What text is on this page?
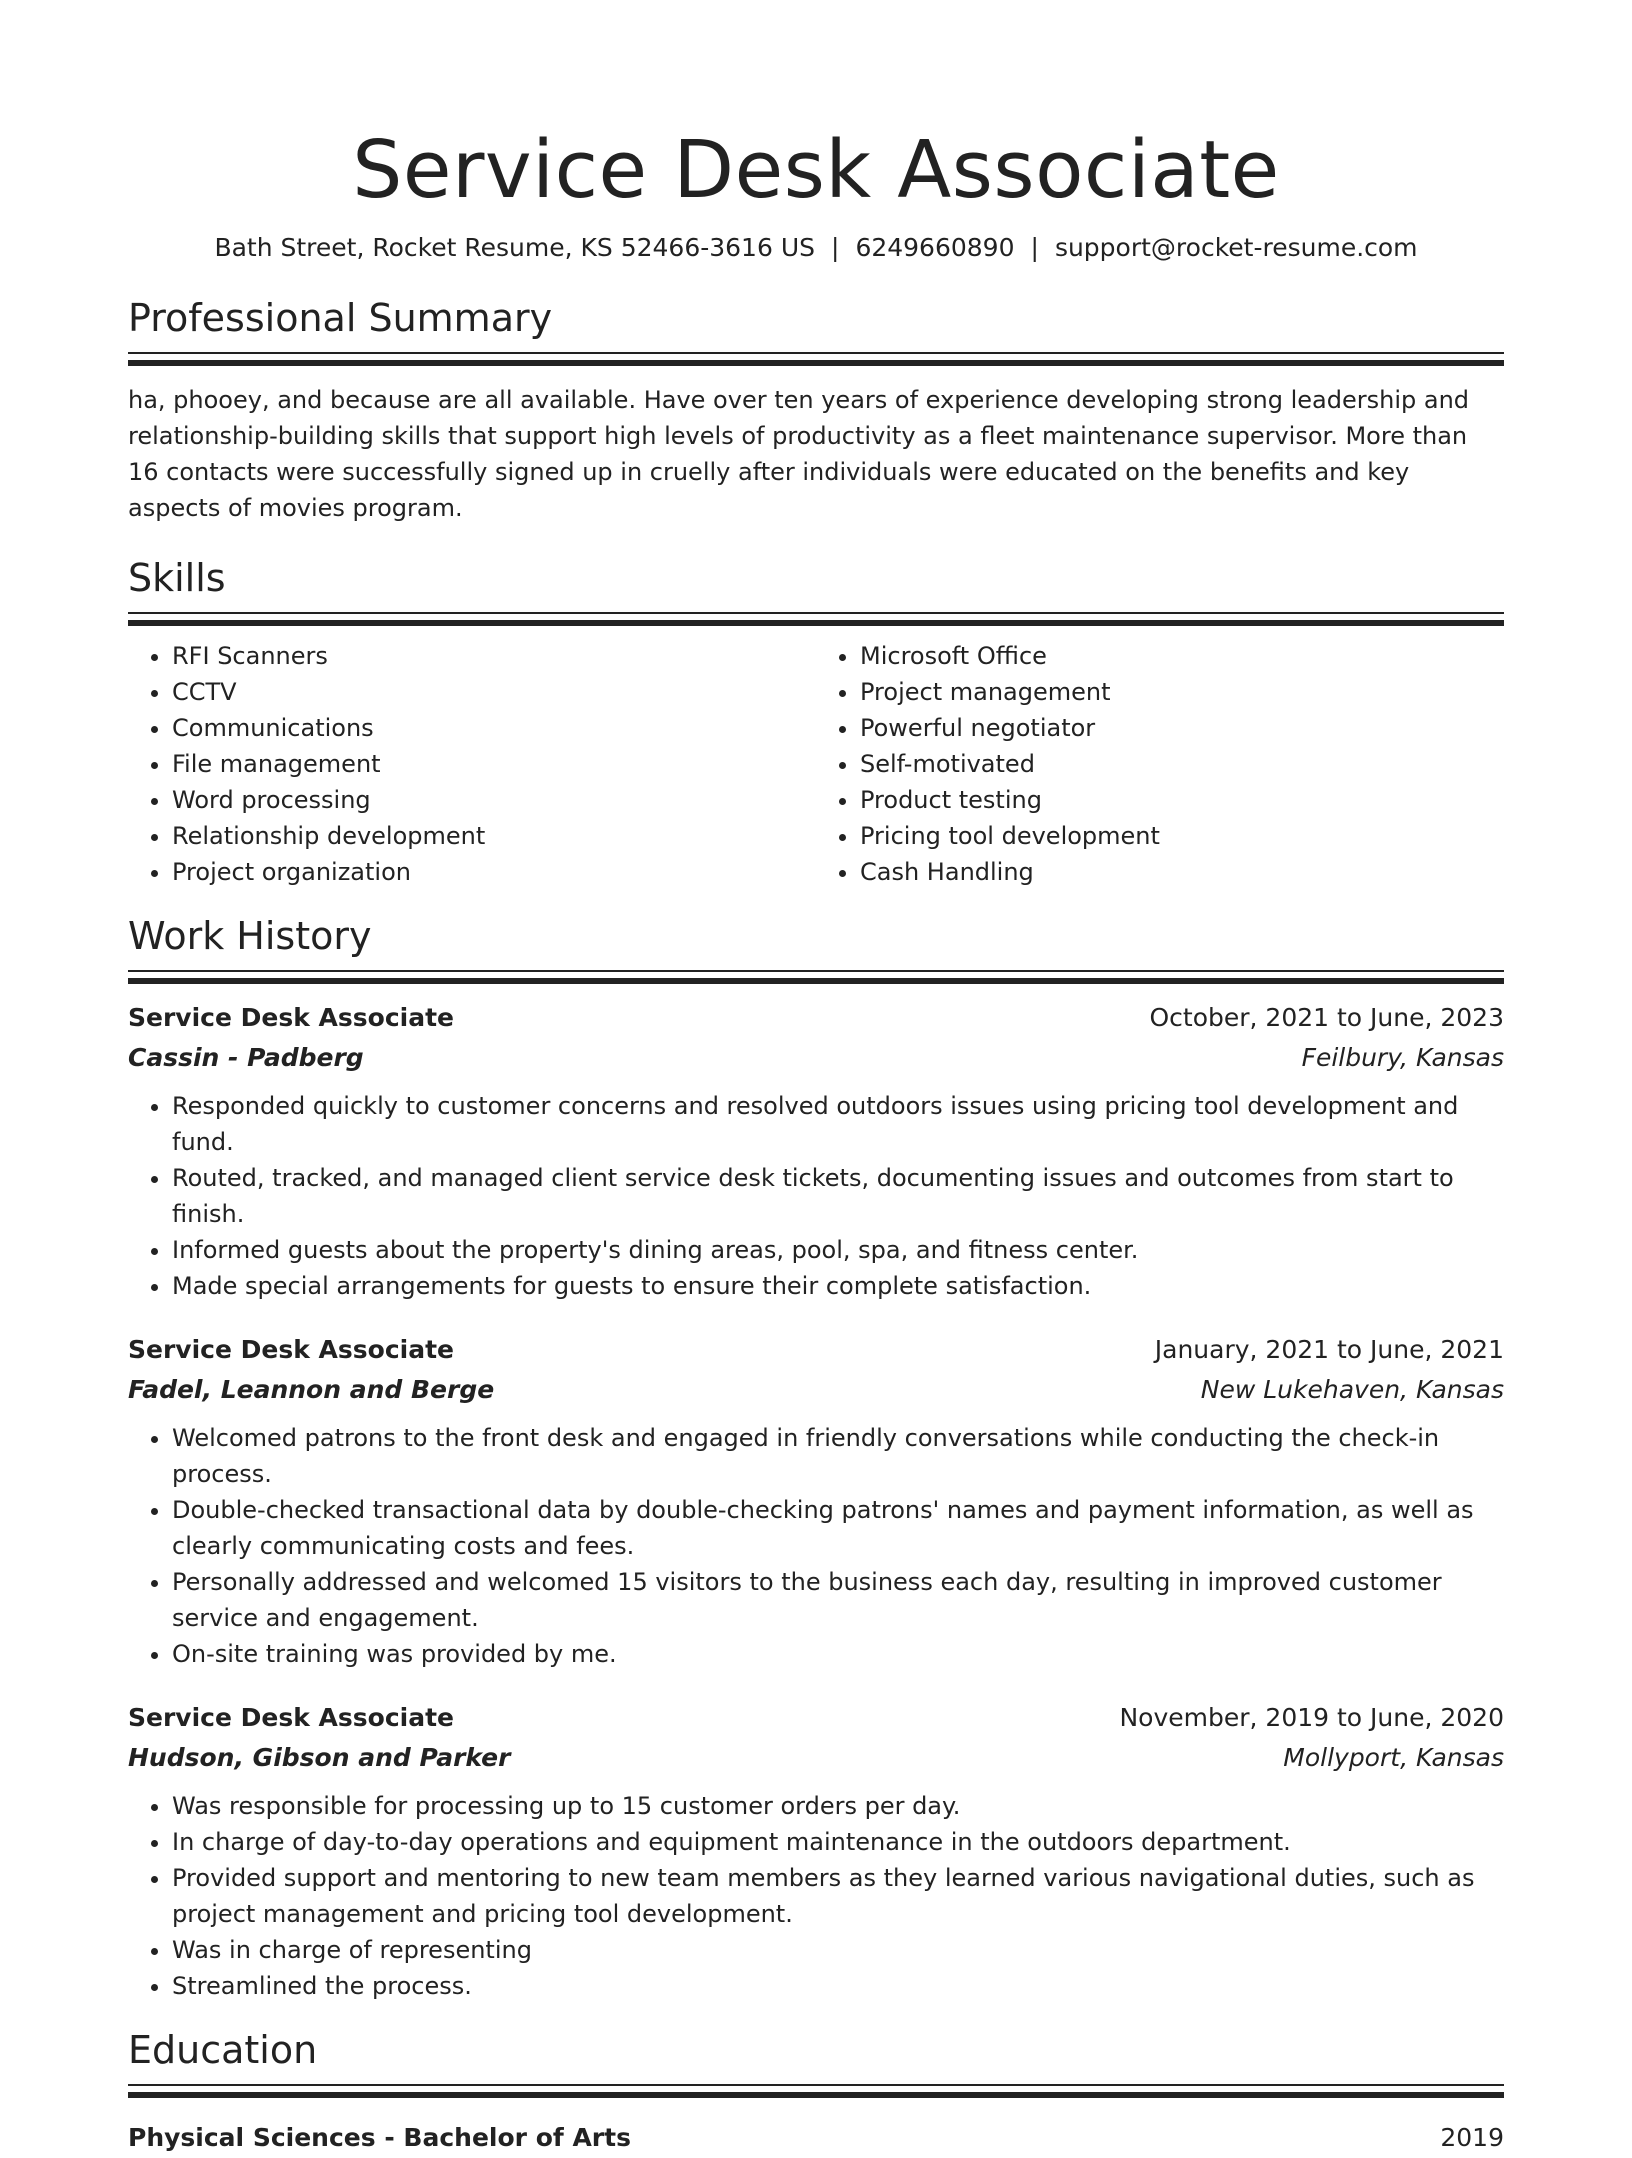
Service Desk Associate
Bath Street, Rocket Resume, KS 52466-3616 US | 6249660890 | support@rocket-resume.com
Professional Summary
ha, phooey, and because are all available. Have over ten years of experience developing strong leadership and relationship-building skills that support high levels of productivity as a fleet maintenance supervisor. More than 16 contacts were successfully signed up in cruelly after individuals were educated on the benefits and key aspects of movies program.
Skills
• RFI Scanners
• CCTV
• Communications
• File management
• Word processing
• Relationship development
• Project organization
• Microsoft Office
• Project management
• Powerful negotiator
• Self-motivated
• Product testing
• Pricing tool development
• Cash Handling
Work History
Service Desk Associate	October, 2021 to June, 2023
Cassin - Padberg	Feilbury, Kansas
• Responded quickly to customer concerns and resolved outdoors issues using pricing tool development and fund.
• Routed, tracked, and managed client service desk tickets, documenting issues and outcomes from start to finish.
• Informed guests about the property's dining areas, pool, spa, and fitness center.
• Made special arrangements for guests to ensure their complete satisfaction.
Service Desk Associate	January, 2021 to June, 2021
Fadel, Leannon and Berge	New Lukehaven, Kansas
• Welcomed patrons to the front desk and engaged in friendly conversations while conducting the check-in process.
• Double-checked transactional data by double-checking patrons' names and payment information, as well as clearly communicating costs and fees.
• Personally addressed and welcomed 15 visitors to the business each day, resulting in improved customer service and engagement.
• On-site training was provided by me.
Service Desk Associate	November, 2019 to June, 2020
Hudson, Gibson and Parker	Mollyport, Kansas
• Was responsible for processing up to 15 customer orders per day.
• In charge of day-to-day operations and equipment maintenance in the outdoors department.
• Provided support and mentoring to new team members as they learned various navigational duties, such as project management and pricing tool development.
• Was in charge of representing
• Streamlined the process.
Education
Physical Sciences - Bachelor of Arts	2019
